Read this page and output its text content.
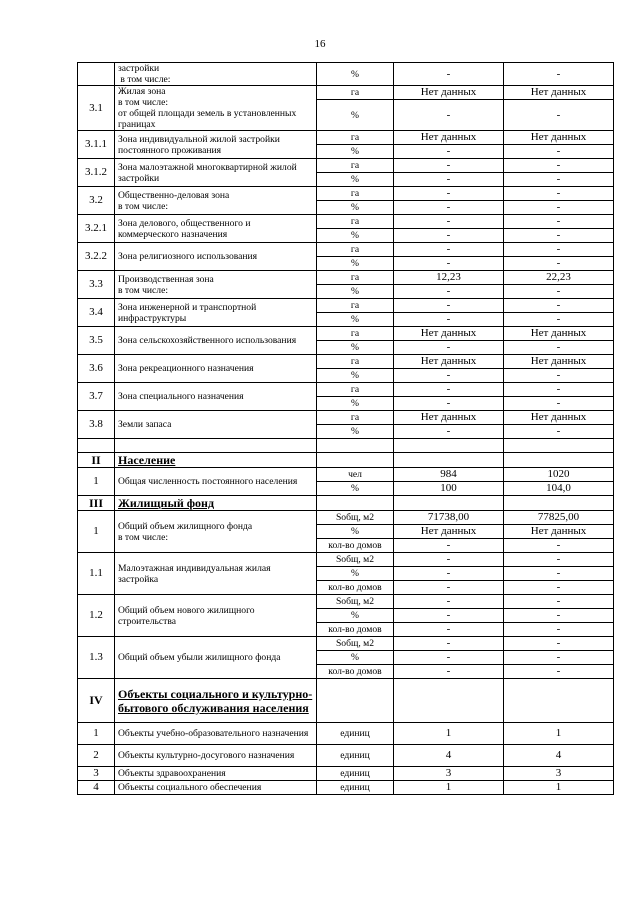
16
	застройки
в том числе:	%	-	-
3.1	Жилая зона
в том числе:
от общей площади земель в установленных границах	га	Нет данных	Нет данных
		%	-	-
3.1.1	Зона индивидуальной жилой застройки постоянного проживания	га	Нет данных	Нет данных
		%	-	-
3.1.2	Зона малоэтажной многоквартирной жилой застройки	га	-	-
		%	-	-
3.2	Общественно-деловая зона
в том числе:	га	-	-
		%	-	-
3.2.1	Зона делового, общественного и коммерческого назначения	га	-	-
		%	-	-
3.2.2	Зона религиозного использования	га	-	-
		%	-	-
3.3	Производственная зона
в том числе:	га	12,23	22,23
		%	-	-
3.4	Зона инженерной и транспортной инфраструктуры	га	-	-
		%	-	-
3.5	Зона сельскохозяйственного использования	га	Нет данных	Нет данных
		%	-	-
3.6	Зона рекреационного назначения	га	Нет данных	Нет данных
		%	-	-
3.7	Зона специального назначения	га	-	-
		%	-	-
3.8	Земли запаса	га	Нет данных	Нет данных
		%	-	-

II	Население			
1	Общая численность постоянного населения	чел	984	1020
		%	100	104,0
III	Жилищный фонд			
1	Общий объем жилищного фонда
в том числе:	Sобщ, м2	71738,00	77825,00
		%	Нет данных	Нет данных
		кол-во домов	-	-
1.1	Малоэтажная индивидуальная жилая застройка	Sобщ, м2	-	-
		%	-	-
		кол-во домов	-	-
1.2	Общий объем нового жилищного строительства	Sобщ, м2	-	-
		%	-	-
		кол-во домов	-	-
1.3	Общий объем убыли жилищного фонда	Sобщ, м2	-	-
		%	-	-
		кол-во домов	-	-
IV	Объекты социального и культурно-бытового обслуживания населения			
1	Объекты учебно-образовательного назначения	единиц	1	1
2	Объекты культурно-досугового назначения	единиц	4	4
3	Объекты здравоохранения	единиц	3	3
4	Объекты социального обеспечения	единиц	1	1
